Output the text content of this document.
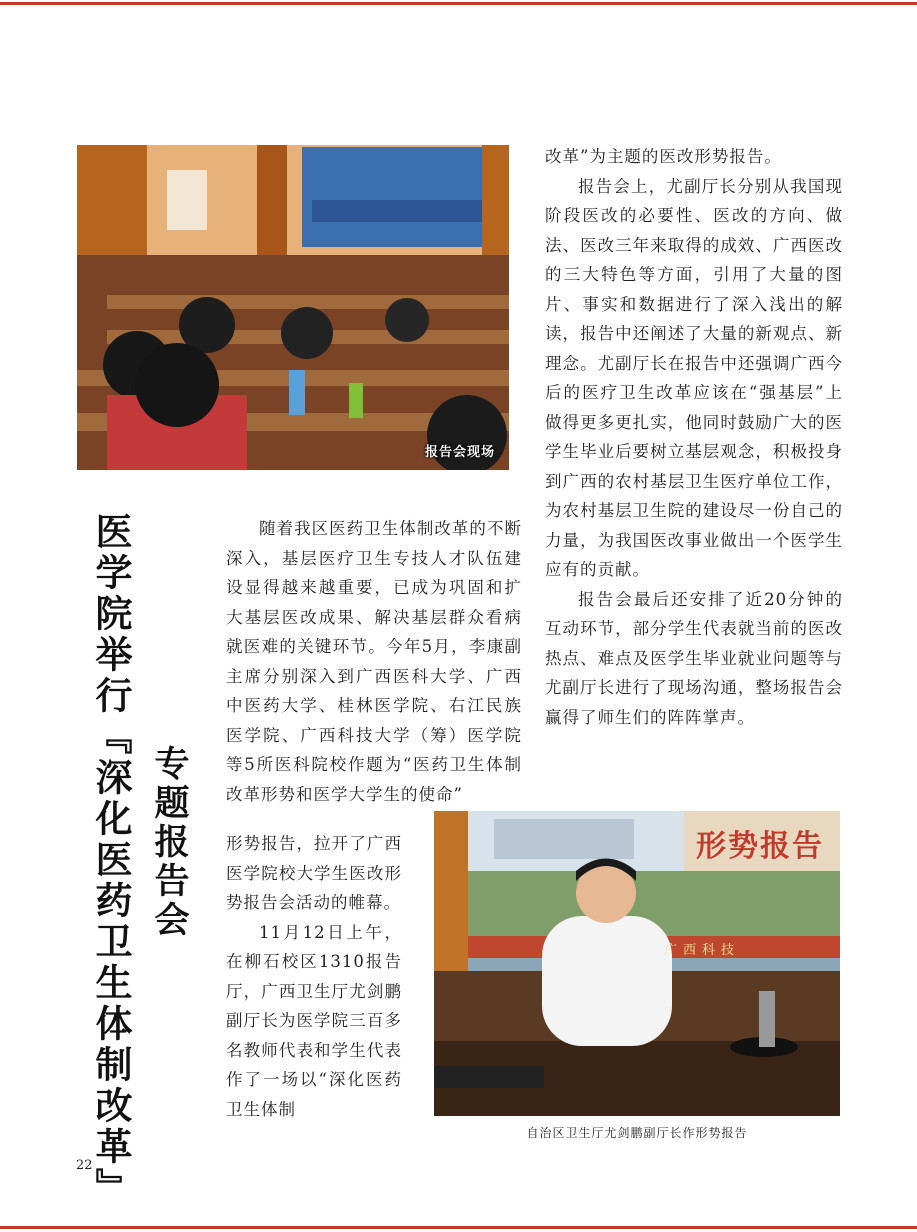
报告会现场
医学院举行『深化医药卫生体制改革』 专题报告会

改革”为主题的医改形势报告。

报告会上，尤副厅长分别从我国现阶段医改的必要性、医改的方向、做法、医改三年来取得的成效、广西医改的三大特色等方面，引用了大量的图片、事实和数据进行了深入浅出的解读，报告中还阐述了大量的新观点、新理念。尤副厅长在报告中还强调广西今后的医疗卫生改革应该在“强基层”上做得更多更扎实，他同时鼓励广大的医学生毕业后要树立基层观念，积极投身到广西的农村基层卫生医疗单位工作，为农村基层卫生院的建设尽一份自己的力量，为我国医改事业做出一个医学生应有的贡献。

报告会最后还安排了近20分钟的互动环节，部分学生代表就当前的医改热点、难点及医学生毕业就业问题等与尤副厅长进行了现场沟通，整场报告会赢得了师生们的阵阵掌声。

随着我区医药卫生体制改革的不断深入，基层医疗卫生专技人才队伍建设显得越来越重要，已成为巩固和扩大基层医改成果、解决基层群众看病就医难的关键环节。今年5月，李康副主席分别深入到广西医科大学、广西中医药大学、桂林医学院、右江民族医学院、广西科技大学（筹）医学院等5所医科院校作题为“医药卫生体制改革形势和医学大学生的使命”

形势报告，拉开了广西医学院校大学生医改形势报告会活动的帷幕。

11月12日上午，在柳石校区1310报告厅，广西卫生厅尤剑鹏副厅长为医学院三百多名教师代表和学生代表作了一场以“深化医药卫生体制

形势报告
广西科技
自治区卫生厅尤剑鹏副厅长作形势报告
22
